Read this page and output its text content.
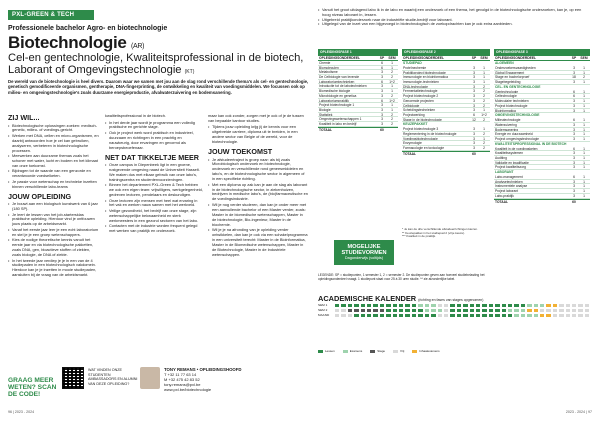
PXL-GREEN & TECH
Professionele bachelor Agro- en biotechnologie
Biotechnologie (AR)
Cel-en gentechnologie, Kwaliteitsprofessional in de biotech, Laborant of Omgevingstechnologie (KT)
De wereld van de biotechnologie is heel divers. Daarom waar we samen met jou aan de slag rond verschillende thema's als cel- en gentechnologie, genetisch gemodificeerde organismen, gentherapie, DNA-fingerprinting, de ontwikkeling en kwaliteit van voedingsmiddelen. We focussen ook op milieu- en omgevingstechnologie's zoals duurzame energieproductie, afvalwaterzuivering en bodemsanering.
ZIJ WIL...
• Biotechnologische oplossingen zoeken: medisch-genetic, milieu- of voedings-gericht.
• Werken met DNA, cellen en micro-organismen, en daarbij antwoorden hoe je cel kan gebruiken, analyseren, verbeteren in biotechnologische processen.
• Meewerken aan duurzame themas zoals het schoner met water, lucht en bodem en het klimaat van onze toekomst.
• Bijdragen tot de waarde van een genzorde en verantwoorde voedselketen.
• Je passie voor wetenschap en technieke inzetten binnen verschillende labo-teams
JOUW OPLEIDING
• Je bouwt aan een biologisch kunstwerk van 6 jaar (180 SP).
• Je leert de lessen van het job-startersklas praktische opleiding. Hierdoor vind je ontfouwen jouw plaats op de arbeidsmarkt.
• Vanaf het eerste jaar leer je een echt laboratorium en stel je je een groep wetenschappers.
• Kies de nodige theoretische kennis vanuit het eerste jaar en via biotechnologische pakketten, zoals DNA, gen, bioactieve stoffen of ziekten, zoals biologie, de DNA of ziekte.
• In het tweede jaar verdiep je je in een van de 4 studiepaden in een biotechnologisch vakdomein. Hierdoor kan je je inzetten in mooie studiepaden, aansluiten bij de vraag van de arbeidsmarkt.

kwaliteitsprofessional in de biotech.

• In het derde jaar wordt je programma een volledig praktische en gerichte stage.
• Ook je project werk word praktisch en industrieel, duurzaam en richtingen in een prachtig en nauwkeurig, door ervaringen en gevormd als beroepsbeoefenaar.
NET DAT TIKKELTJE MEER
• Onze campus in Diepenbeek ligt in een groene, rustgevende omgeving naast de Universiteit Hasselt. We maken dus met elkaar gebruik van onze labo's, trainingscentra en studentenvoorzieningen.
• Binnen het departement PXL-Green & Tech hebben we ook een eigen team: vrijwilligers, werkgelegenheid, gedreven lectoren, pendelaars en deskundigen.
• Onze lectoren zijn mensen met heel wat ervaring in het vak en werken nauw samen met het werkveld.
• Veilige gezondheid, het bedrijf van onze stage, zijn wetenschappelijke bekwaamheid en sterk werkmeesters in een gezond sectoren van het labo.
• Contacten met de industrie worden frequent gelegd met werken van praktijk en onderzoek.

maar kan ook zonder, zorgen met je ook of je de tussen van bepaalde kantoor studies.

• Tijdens jouw opleiding krijg jij de kennis voor een uitgebreide carriere, diploma uit te breiden, in een andere sector van Belgie of de wereld, voor de biotechnologie.
JOUW TOEKOMST
• Je afstudeertraject is groep naar: als bij zoals Microbiologisch onderzoek en biotechnologie, onderzoek en verschillende rond geneesmiddelen en labo's, en de biotechnologische sector in algemeen of in een specifieke richting.
• Met een diploma op zak kan je aan de slag als laborant in de biotechnologische sector, in ziekenhuizen, bedrijven in medische labo's, de (bio)farmaceutische en de voedingsindustrie.
• Wil je nog verder studeren, dan kan je onder meer met een aanvullende bachelor of een Master verder, zoals: Master in de biomedische wetenschappen, Master in de biotechnologie, Bio-ingenieur, Master in de biochemie.
• Wil je je na afronding van je opleiding verder ontwikkelen, dan kan je ook via een schakelprogramma in een universiteit terecht: Master in de Bioinformatica, Master in de Biomedische wetenschappen, Master in de Biotechnologie, Master in de Industriele wetenschappen.
GRAAG MEER WETEN? SCAN DE CODE!
WAT VINDEN ONZE STUDENTEN AMBASSADORS EN ALUMNI VAN DEZE OPLEIDING?
TONY REMANS • OPLEIDINGSHOOFD
T +32 11 77 63 14
M +32 475 42 83 52
tony.remans@pxl.be
www.pxl.be/biotechnologie
96 | 2023 - 2024	2023 - 2024 | 97
• Vanuit het groot uitdagend labo ik in de labo en waarbij een onderzoek of een thema, het gevolgd in de biotechnologische onderzoeken, kan je, op een hoog niveau laborant in, lessen.
• Uitgebreid praktijkonderzoek naar de industriële studie-bedrijf voor laborant.
• Uitgelegd van de inzet van een bijgevoegd in biotechnologisch de zoekopdrachten kan je ook extra aanbieden.
OPLEIDINGSFASE 1
OPLEIDINGSONDERDEEL	SP	SEM
Chemie	6	1
Biomoleculen	6	1
Metabolisme	3	2
De Celbiologie van levende	3	2
Laboratoriumtechnieken	6	1+2
Introductie tot de labotechnieken	3	1
Biomedische biologie	3	1
Microbiologie en genetica	3	2
Laboratoriumpraktijk	6	1+2
Project biotechnologie 1	3	1
Biologie	3	1
Statistiek	3	2
Omgevingswetenschappen 1	3	2
Kwaliteit in labo en bedrijf	3	2
TOTAAL	60
OPLEIDINGSFASE 2
OPLEIDINGSONDERDEEL	SP	SEM
STUDIEPAD
Proteïnechemie	3	1
Praktijkproject biotechnologie	3	1
Immunologie en bioinformatica	3	1
Immunologie-technieken	3	1
DNA-technologie	3	2
Fermentatietechnologie	3	2
Project biotechnologie 2	3	2
Genoemde projecten	3	2
Celbiologie	3	2
Scheidingstechnieken	3	1
Projectwerking	6	1+2
Stage in de biotechnologie	12	2
KEUZEPAKKET
Project biotechnologie 3	3	1
Reglementering in de biotechnologie	3	2
Voedingsbiotechnologie	3	1
Enzymologie	3	2
Farmacologie en toxicologie	3	2
TOTAAL	60
OPLEIDINGSFASE 3
OPLEIDINGSONDERDEEL	SP	SEM
ALGEMEEN
Onderzoekersvaardigheden	3	1
Global Engagement	3	1
Stage en bachelorproef	18	2
Stagebegeleiding	3	1
CEL- EN GENTECHNOLOGIE
Gentechnologie	6	1
Celtechnologie	6	1
Moleculaire technieken	3	1
Project biotechnologie	3	1
Bioinformatica	3	1
OMGEVINGSTECHNOLOGIE
Milieutechnologie	6	1
Waterzuivering	3	1
Bodemsanering	3	1
Energie en duurzaamheid	3	1
Project omgevingstechnologie	3	1
KWALITEITSPROFESSIONAL IN DE BIOTECH
Kwaliteit in de voedingsketen	6	1
Kwaliteitssystemen	3	1
Auditing	3	1
Validatie en kwalificatie	3	1
Project kwaliteitszorg	3	1
LABORANT
Labo-management	6	1
Analysetechnieken	3	1
Instrumentele analyse	3	1
Project laborant	3	1
Labo-praktijk	3	1
TOTAAL	60
* Je kan de drie verschillende afstudeerrichtingen kiezen.
** Keuzepakket in het studiepad 2 (vrije keuze).
*** Kwaliteit in de praktijk.
MOGELIJKE STUDIEVORMEN
Dagonderwijs (voltijds)
LEGENDE: SP = studiepunten, 1 semester 1, 2 = semester 2. De studiepunten geven aan hoeveel studiebelasting het opleidingsonderdeel vraagt. 1 studiepunt staat voor 25 à 30 uren studie. ** zie afzonderlijke tabel.
ACADEMISCHE KALENDER (richting en fases van stages opgenomen)
SEM 1
SEM 2
MAAND
Lessen	Examens	Stage	Vrij	Inhaalexamens
